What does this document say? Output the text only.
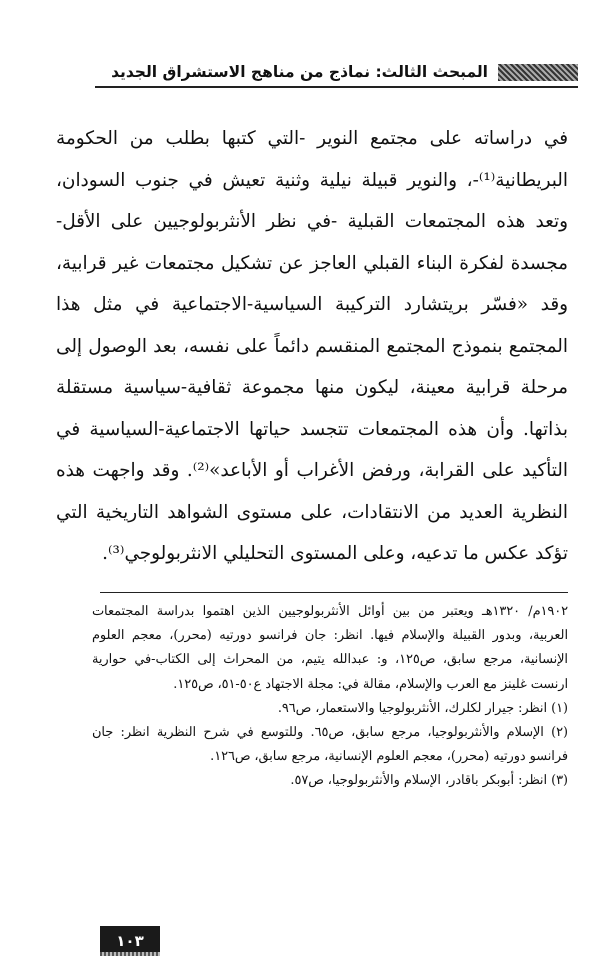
المبحث الثالث: نماذج من مناهج الاستشراق الجديد

في دراساته على مجتمع النوير -التي كتبها بطلب من الحكومة البريطانية⁽¹⁾-، والنوير قبيلة نيلية وثنية تعيش في جنوب السودان، وتعد هذه المجتمعات القبلية -في نظر الأنثربولوجيين على الأقل- مجسدة لفكرة البناء القبلي العاجز عن تشكيل مجتمعات غير قرابية، وقد «فسّر بريتشارد التركيبة السياسية-الاجتماعية في مثل هذا المجتمع بنموذج المجتمع المنقسم دائماً على نفسه، بعد الوصول إلى مرحلة قرابية معينة، ليكون منها مجموعة ثقافية-سياسية مستقلة بذاتها. وأن هذه المجتمعات تتجسد حياتها الاجتماعية-السياسية في التأكيد على القرابة، ورفض الأغراب أو الأباعد»⁽²⁾. وقد واجهت هذه النظرية العديد من الانتقادات، على مستوى الشواهد التاريخية التي تؤكد عكس ما تدعيه، وعلى المستوى التحليلي الانثربولوجي⁽³⁾.

١٩٠٢م/ ١٣٢٠هـ ويعتبر من بين أوائل الأنثربولوجيين الذين اهتموا بدراسة المجتمعات العربية، وبدور القبيلة والإسلام فيها. انظر: جان فرانسو دورتيه (محرر)، معجم العلوم الإنسانية، مرجع سابق، ص١٢٥، و: عبدالله يتيم، من المحراث إلى الكتاب-في حوارية ارنست غلينز مع العرب والإسلام، مقالة في: مجلة الاجتهاد ع٥٠-٥١، ص١٢٥.

(١) انظر: جيرار لكلرك، الأنثربولوجيا والاستعمار، ص٩٦.

(٢) الإسلام والأنثربولوجيا، مرجع سابق، ص٦٥. وللتوسع في شرح النظرية انظر: جان فرانسو دورتيه (محرر)، معجم العلوم الإنسانية، مرجع سابق، ص١٢٦.

(٣) انظر: أبوبكر باقادر، الإسلام والأنثربولوجيا، ص٥٧.

١٠٣
